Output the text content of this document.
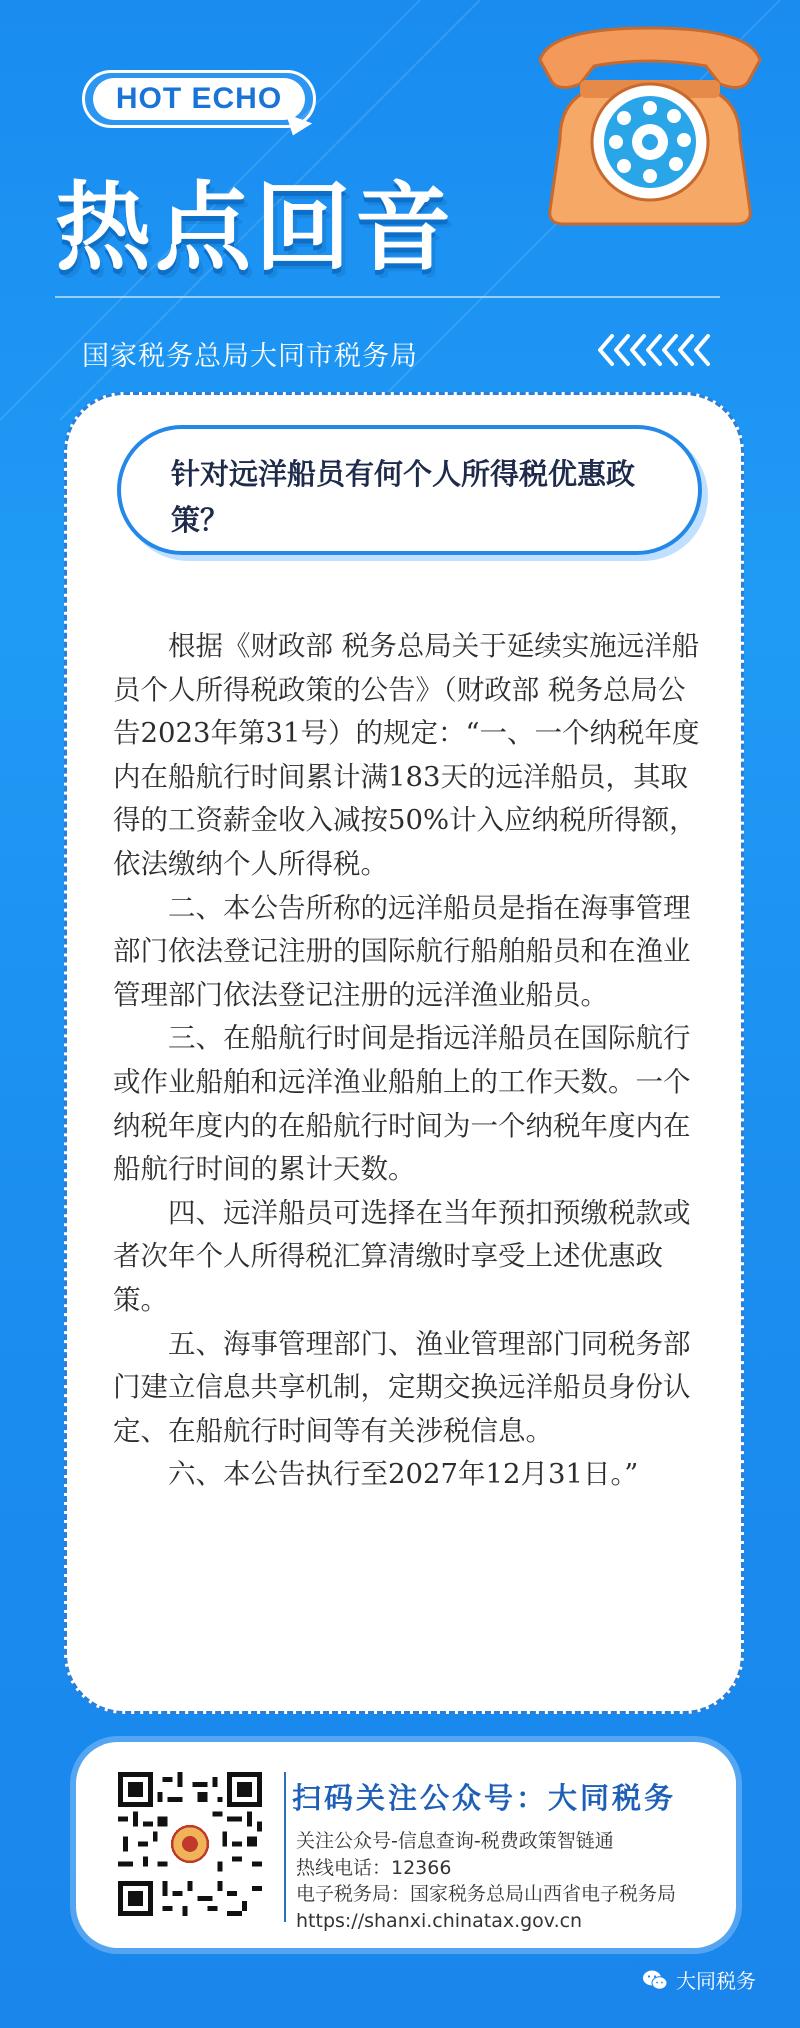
HOT ECHO
热点回音
国家税务总局大同市税务局
针对远洋船员有何个人所得税优惠政策？

根据《财政部 税务总局关于延续实施远洋船员个人所得税政策的公告》（财政部 税务总局公告2023年第31号）的规定：“一、一个纳税年度内在船航行时间累计满183天的远洋船员，其取得的工资薪金收入减按50%计入应纳税所得额，依法缴纳个人所得税。

二、本公告所称的远洋船员是指在海事管理部门依法登记注册的国际航行船舶船员和在渔业管理部门依法登记注册的远洋渔业船员。

三、在船航行时间是指远洋船员在国际航行或作业船舶和远洋渔业船舶上的工作天数。一个纳税年度内的在船航行时间为一个纳税年度内在船航行时间的累计天数。

四、远洋船员可选择在当年预扣预缴税款或者次年个人所得税汇算清缴时享受上述优惠政策。

五、海事管理部门、渔业管理部门同税务部门建立信息共享机制，定期交换远洋船员身份认定、在船航行时间等有关涉税信息。

六、本公告执行至2027年12月31日。”

扫码关注公众号：大同税务
关注公众号-信息查询-税费政策智链通
热线电话：12366
电子税务局：国家税务总局山西省电子税务局
https://shanxi.chinatax.gov.cn
大同税务
